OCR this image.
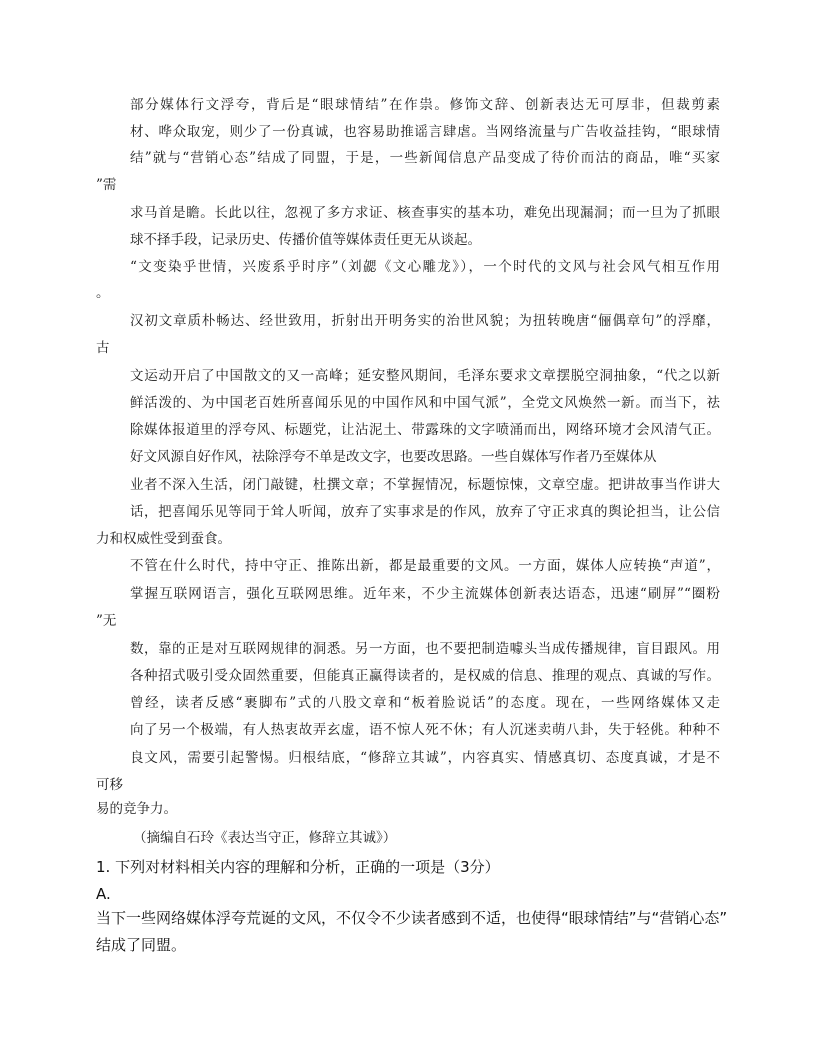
部分媒体行文浮夸，背后是“眼球情结”在作祟。修饰文辞、创新表达无可厚非，但裁剪素
材、哗众取宠，则少了一份真诚，也容易助推谣言肆虐。当网络流量与广告收益挂钩，“眼球情
结”就与“营销心态”结成了同盟，于是，一些新闻信息产品变成了待价而沽的商品，唯“买家
”需
求马首是瞻。长此以往，忽视了多方求证、核查事实的基本功，难免出现漏洞；而一旦为了抓眼
球不择手段，记录历史、传播价值等媒体责任更无从谈起。
“文变染乎世情，兴废系乎时序”（刘勰《文心雕龙》），一个时代的文风与社会风气相互作用
。
汉初文章质朴畅达、经世致用，折射出开明务实的治世风貌；为扭转晚唐“俪偶章句”的浮靡，
古
文运动开启了中国散文的又一高峰；延安整风期间，毛泽东要求文章摆脱空洞抽象，“代之以新
鲜活泼的、为中国老百姓所喜闻乐见的中国作风和中国气派”，全党文风焕然一新。而当下，祛
除媒体报道里的浮夸风、标题党，让沾泥土、带露珠的文字喷涌而出，网络环境才会风清气正。
好文风源自好作风，祛除浮夸不单是改文字，也要改思路。一些自媒体写作者乃至媒体从
业者不深入生活，闭门敲键，杜撰文章；不掌握情况，标题惊悚，文章空虚。把讲故事当作讲大
话，把喜闻乐见等同于耸人听闻，放弃了实事求是的作风，放弃了守正求真的舆论担当，让公信
力和权威性受到蚕食。
不管在什么时代，持中守正、推陈出新，都是最重要的文风。一方面，媒体人应转换“声道”，
掌握互联网语言，强化互联网思维。近年来，不少主流媒体创新表达语态，迅速“刷屏”“圈粉
”无
数，靠的正是对互联网规律的洞悉。另一方面，也不要把制造噱头当成传播规律，盲目跟风。用
各种招式吸引受众固然重要，但能真正赢得读者的，是权威的信息、推理的观点、真诚的写作。
曾经，读者反感“裹脚布”式的八股文章和“板着脸说话”的态度。现在，一些网络媒体又走
向了另一个极端，有人热衷故弄玄虚，语不惊人死不休；有人沉迷卖萌八卦，失于轻佻。种种不
良文风，需要引起警惕。归根结底，“修辞立其诚”，内容真实、情感真切、态度真诚，才是不
可移
易的竞争力。
（摘编自石玲《表达当守正，修辞立其诚》）
1. 下列对材料相关内容的理解和分析，正确的一项是（3分）
A.
当下一些网络媒体浮夸荒诞的文风，不仅令不少读者感到不适，也使得“眼球情结”与“营销心态”
结成了同盟。
